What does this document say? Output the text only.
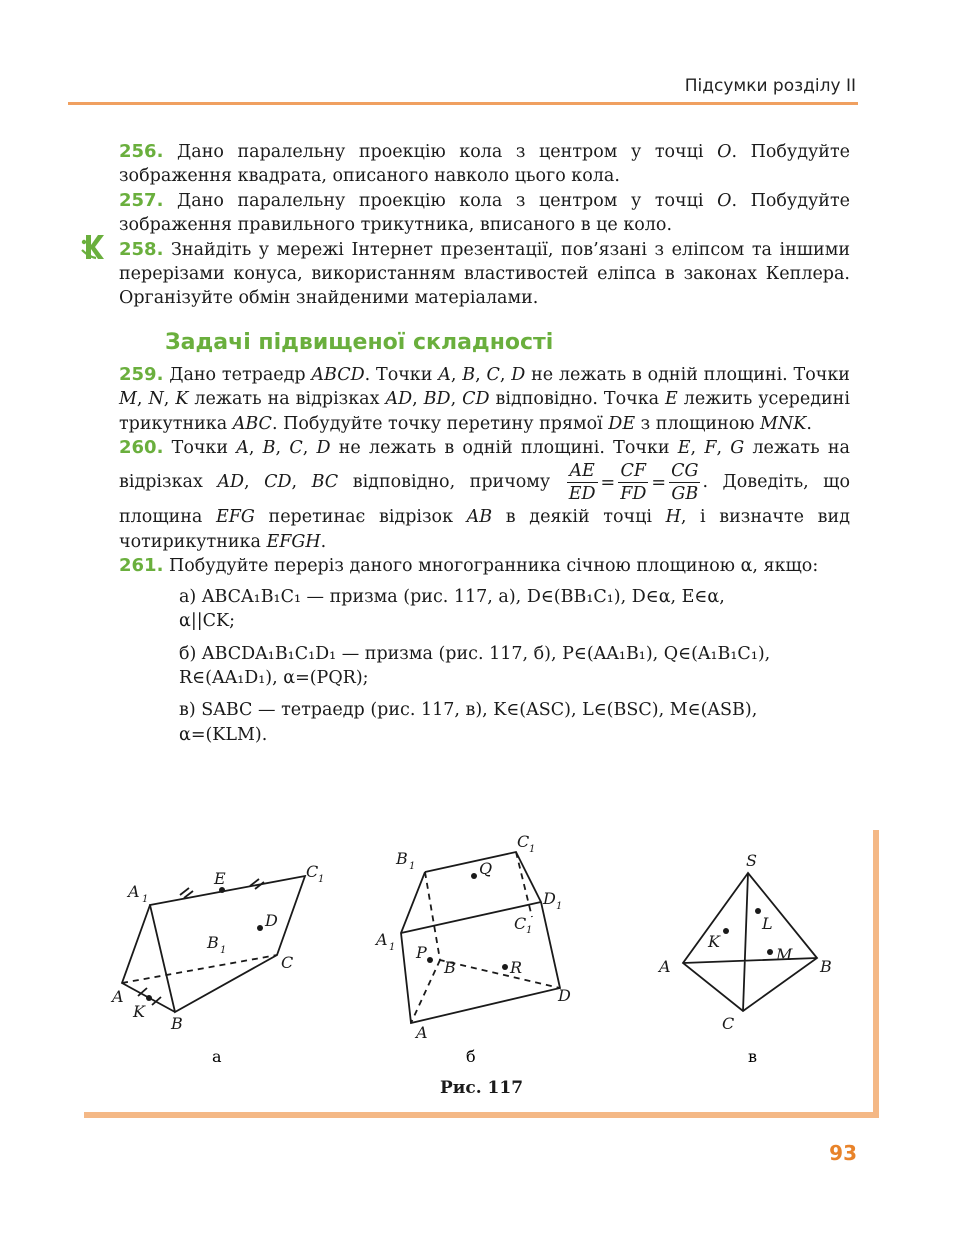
Підсумки розділу II

256. Дано паралельну проекцію кола з центром у точці O. Побудуйте зображення квадрата, описаного навколо цього кола.

257. Дано паралельну проекцію кола з центром у точці O. Побудуйте зображення правильного трикутника, вписаного в це коло.

258. Знайдіть у мережі Інтернет презентації, пов’язані з еліпсом та іншими перерізами конуса, використанням властивостей еліпса в законах Кеплера. Організуйте обмін знайденими матеріалами.

Задачі підвищеної складності

259. Дано тетраедр ABCD. Точки A, B, C, D не лежать в одній площині. Точки M, N, K лежать на відрізках AD, BD, CD відповідно. Точка E лежить усередині трикутника ABC. Побудуйте точку перетину прямої DE з площиною MNK.

260. Точки A, B, C, D не лежать в одній площині. Точки E, F, G лежать на відрізках AD, CD, BC відповідно, причому $\frac{AE}{ED} = \frac{CF}{FD} = \frac{CG}{GB}$ . Доведіть, що площина EFG перетинає відрізок AB в деякій точці H, і визначте вид чотирикутника EFGH.

261. Побудуйте переріз даного многогранника січною площиною α, якщо:

а) ABCA₁B₁C₁ — призма (рис. 117, а), D∈(BB₁C₁), D∈α, E∈α,
α||CK;

б) ABCDA₁B₁C₁D₁ — призма (рис. 117, б), P∈(AA₁B₁), Q∈(A₁B₁C₁),
R∈(AA₁D₁), α=(PQR);

в) SABC — тетраедр (рис. 117, в), K∈(ASC), L∈(BSC), M∈(ASB),
α=(KLM).

A 1
E	C 1
D
B 1
C
A
K
B
а
B 1
C 1
Q
D 1
C 1
A 1 P
B	R
D
A
б
S
L
K
M
A	B
C
в
Рис. 117
93
